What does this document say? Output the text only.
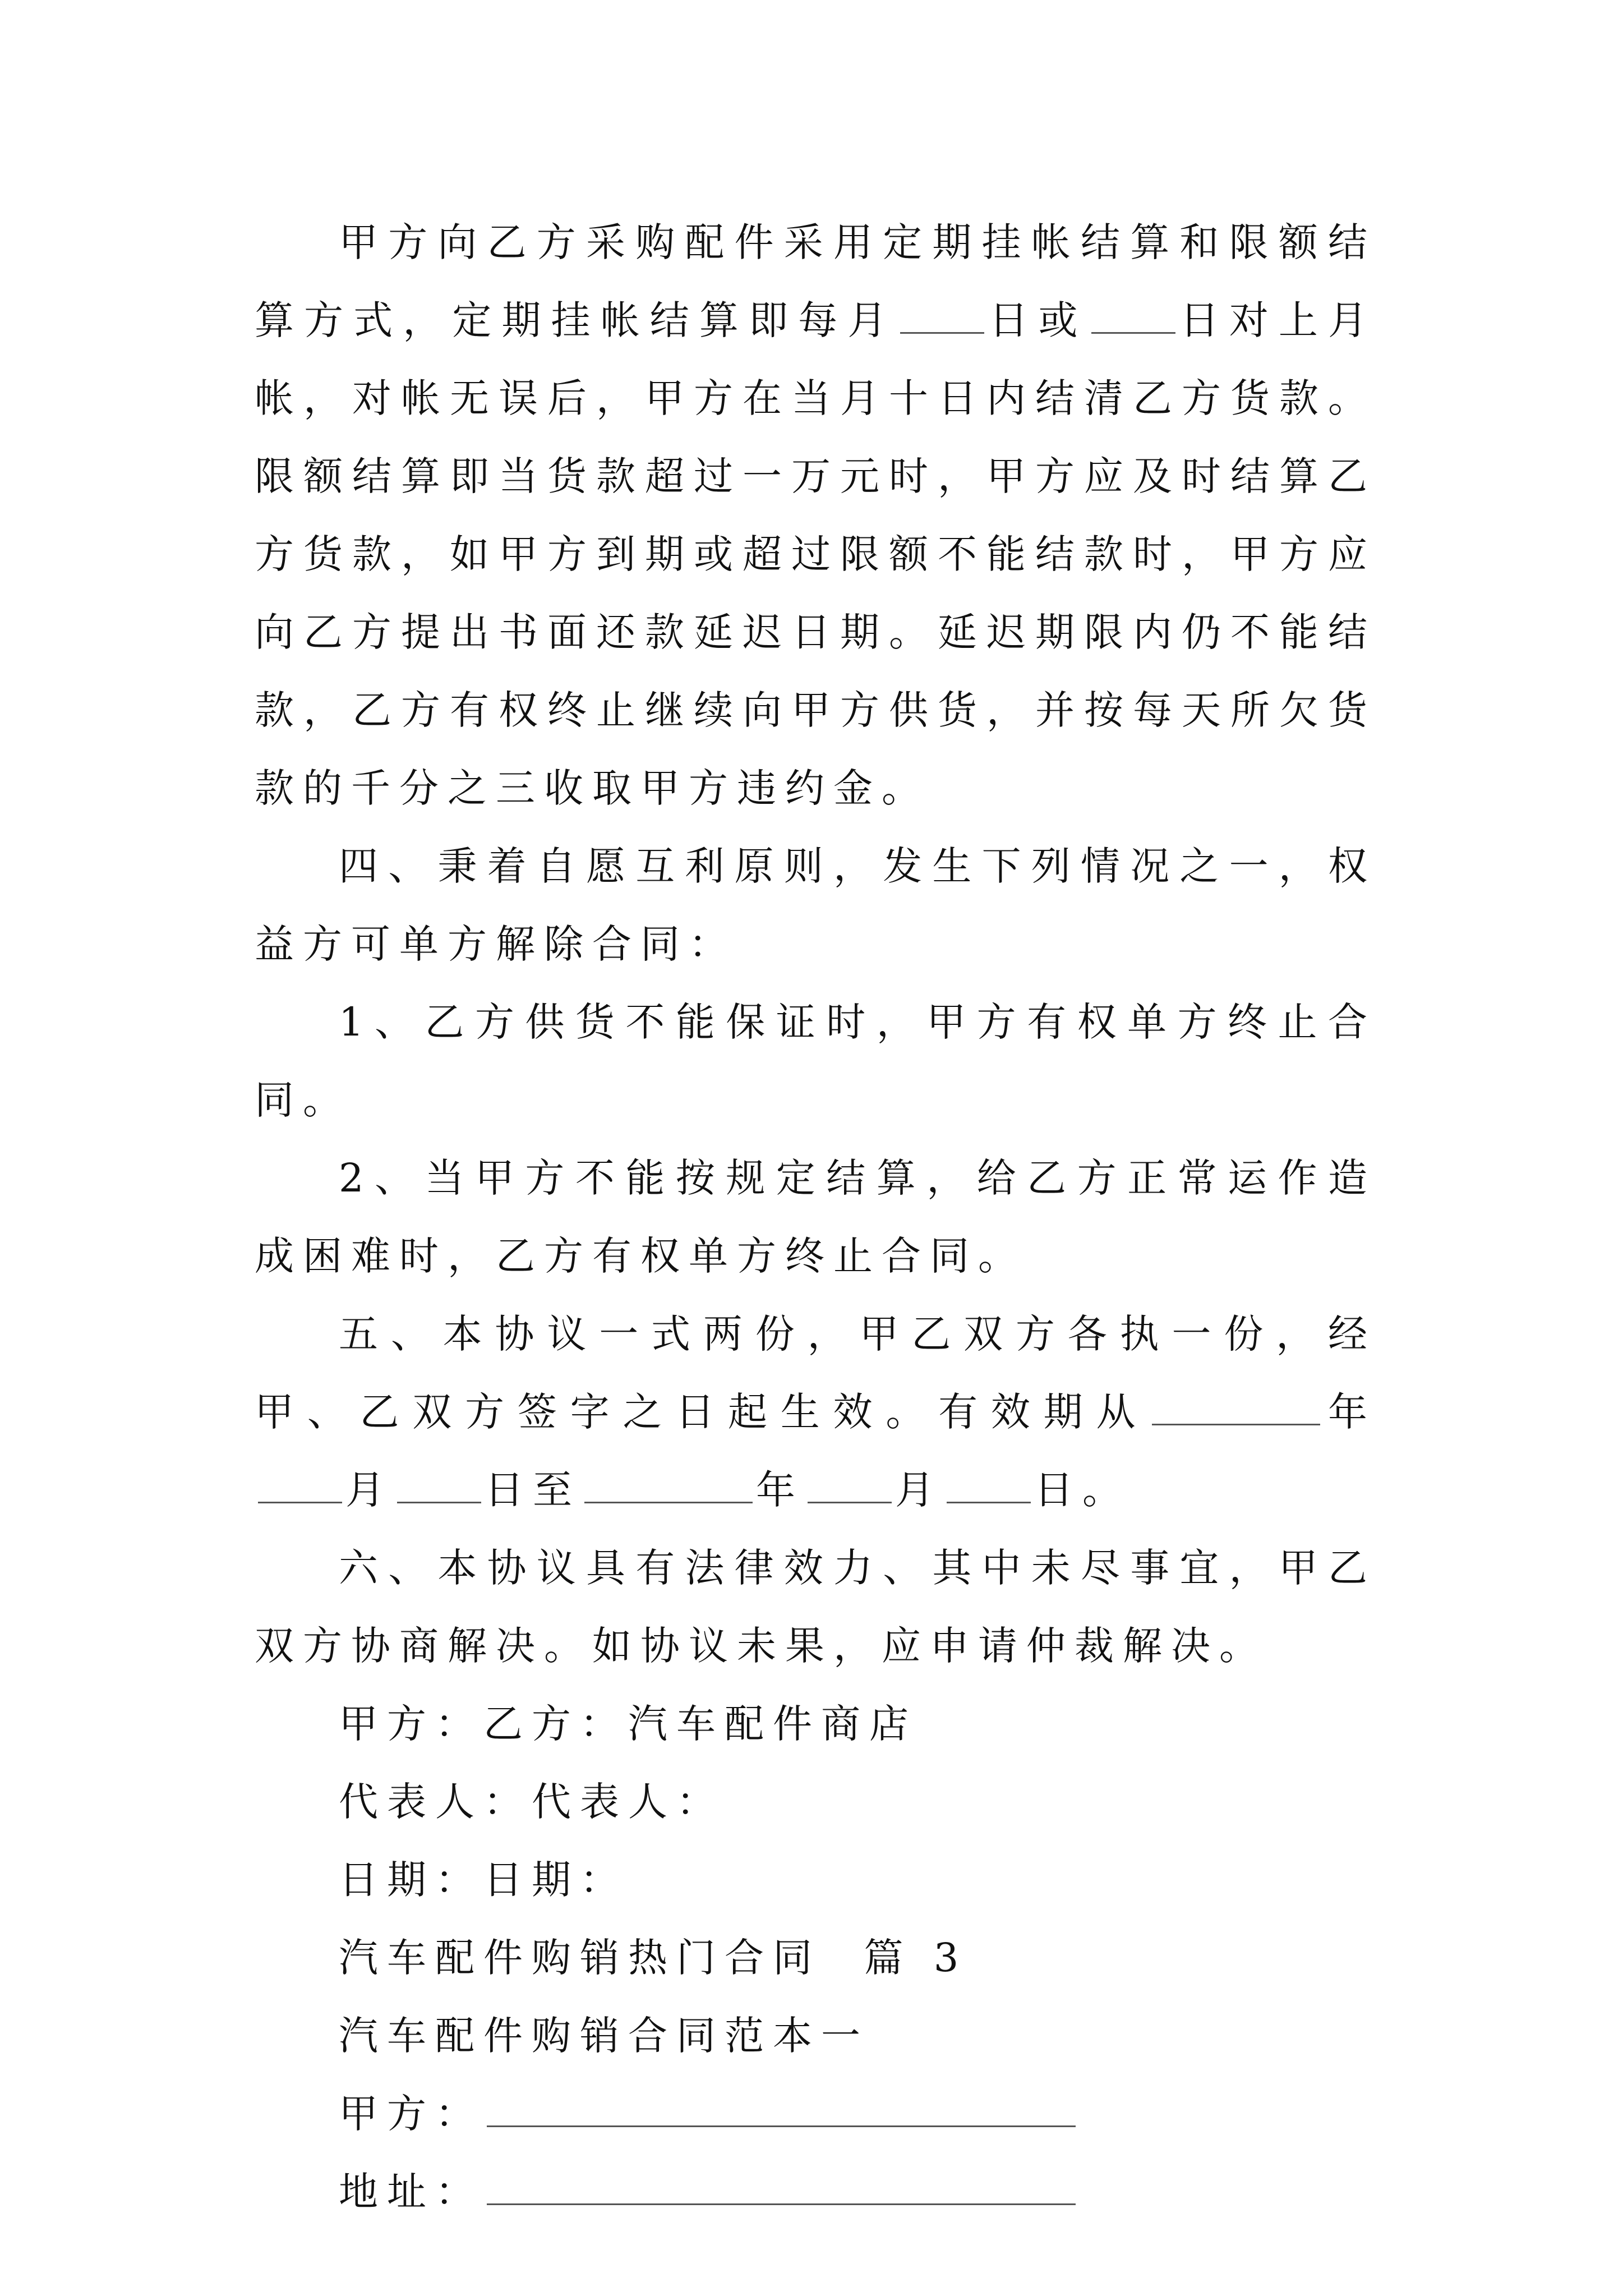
甲方向乙方采购配件采用定期挂帐结算和限额结算方式，定期挂帐结算即每月 日或 日对上月帐，对帐无误后，甲方在当月十日内结清乙方货款。限额结算即当货款超过一万元时，甲方应及时结算乙方货款，如甲方到期或超过限额不能结款时，甲方应向乙方提出书面还款延迟日期。延迟期限内仍不能结款，乙方有权终止继续向甲方供货，并按每天所欠货款的千分之三收取甲方违约金。

四、秉着自愿互利原则，发生下列情况之一，权益方可单方解除合同：

1、乙方供货不能保证时，甲方有权单方终止合同。

2、当甲方不能按规定结算，给乙方正常运作造成困难时，乙方有权单方终止合同。

五、本协议一式两份，甲乙双方各执一份，经甲、乙双方签字之日起生效。有效期从	年月 日至	年 月 日。

六、本协议具有法律效力、其中未尽事宜，甲乙双方协商解决。如协议未果，应申请仲裁解决。

甲方：乙方：汽车配件商店

代表人：代表人：

日期：日期：

汽车配件购销热门合同  篇 3

汽车配件购销合同范本一

甲方：

地址：
